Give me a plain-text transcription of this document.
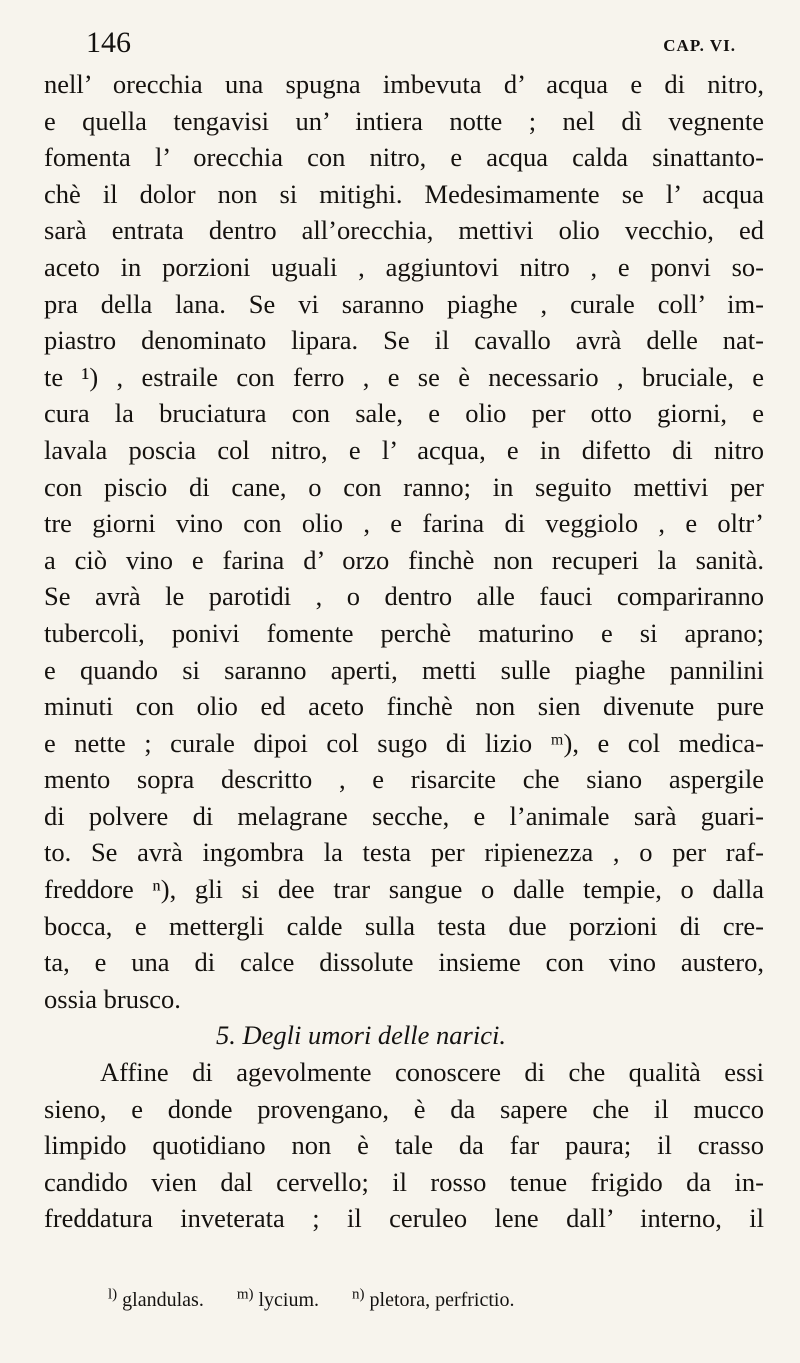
146	CAP. VI.
nell’ orecchia una spugna imbevuta d’ acqua e di nitro,
e quella tengavisi un’ intiera notte ; nel dì vegnente
fomenta l’ orecchia con nitro, e acqua calda sinattanto-
chè il dolor non si mitighi. Medesimamente se l’ acqua
sarà entrata dentro all’orecchia, mettivi olio vecchio, ed
aceto in porzioni uguali , aggiuntovi nitro , e ponvi so-
pra della lana. Se vi saranno piaghe , curale coll’ im-
piastro denominato lipara. Se il cavallo avrà delle nat-
te ¹) , estraile con ferro , e se è necessario , bruciale, e
cura la bruciatura con sale, e olio per otto giorni, e
lavala poscia col nitro, e l’ acqua, e in difetto di nitro
con piscio di cane, o con ranno; in seguito mettivi per
tre giorni vino con olio , e farina di veggiolo , e oltr’
a ciò vino e farina d’ orzo finchè non recuperi la sanità.
Se avrà le parotidi , o dentro alle fauci compariranno
tubercoli, ponivi fomente perchè maturino e si aprano;
e quando si saranno aperti, metti sulle piaghe pannilini
minuti con olio ed aceto finchè non sien divenute pure
e nette ; curale dipoi col sugo di lizio ᵐ), e col medica-
mento sopra descritto , e risarcite che siano aspergile
di polvere di melagrane secche, e l’animale sarà guari-
to. Se avrà ingombra la testa per ripienezza , o per raf-
freddore ⁿ), gli si dee trar sangue o dalle tempie, o dalla
bocca, e mettergli calde sulla testa due porzioni di cre-
ta, e una di calce dissolute insieme con vino austero,
ossia brusco.
5. Degli umori delle narici.
Affine di agevolmente conoscere di che qualità essi
sieno, e donde provengano, è da sapere che il mucco
limpido quotidiano non è tale da far paura; il crasso
candido vien dal cervello; il rosso tenue frigido da in-
freddatura inveterata ; il ceruleo lene dall’ interno, il
$^{l)}$ glandulas. $^{m)}$ lycium. $^{n)}$ pletora, perfrictio.
